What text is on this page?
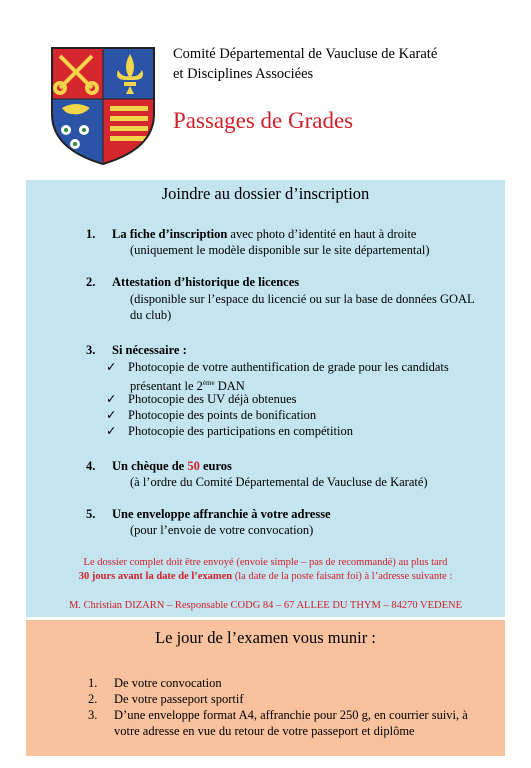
Comité Départemental de Vaucluse de Karaté
et Disciplines Associées
Passages de Grades
Joindre au dossier d’inscription
1. La fiche d’inscription avec photo d’identité en haut à droite
(uniquement le modèle disponible sur le site départemental)
2. Attestation d’historique de licences
(disponible sur l’espace du licencié ou sur la base de données GOAL
du club)
3. Si nécessaire :
✓ Photocopie de votre authentification de grade pour les candidats
présentant le 2ème DAN
✓ Photocopie des UV déjà obtenues
✓ Photocopie des points de bonification
✓ Photocopie des participations en compétition
4. Un chèque de 50 euros
(à l’ordre du Comité Départemental de Vaucluse de Karaté)
5. Une enveloppe affranchie à votre adresse
(pour l’envoie de votre convocation)
Le dossier complet doit être envoyé (envoie simple – pas de recommandé) au plus tard
30 jours avant la date de l’examen (la date de la poste faisant foi) à l’adresse suivante :
M. Christian DIZARN – Responsable CODG 84 – 67 ALLEE DU THYM – 84270 VEDENE
Le jour de l’examen vous munir :
1. De votre convocation
2. De votre passeport sportif
3. D’une enveloppe format A4, affranchie pour 250 g, en courrier suivi, à
votre adresse en vue du retour de votre passeport et diplôme
